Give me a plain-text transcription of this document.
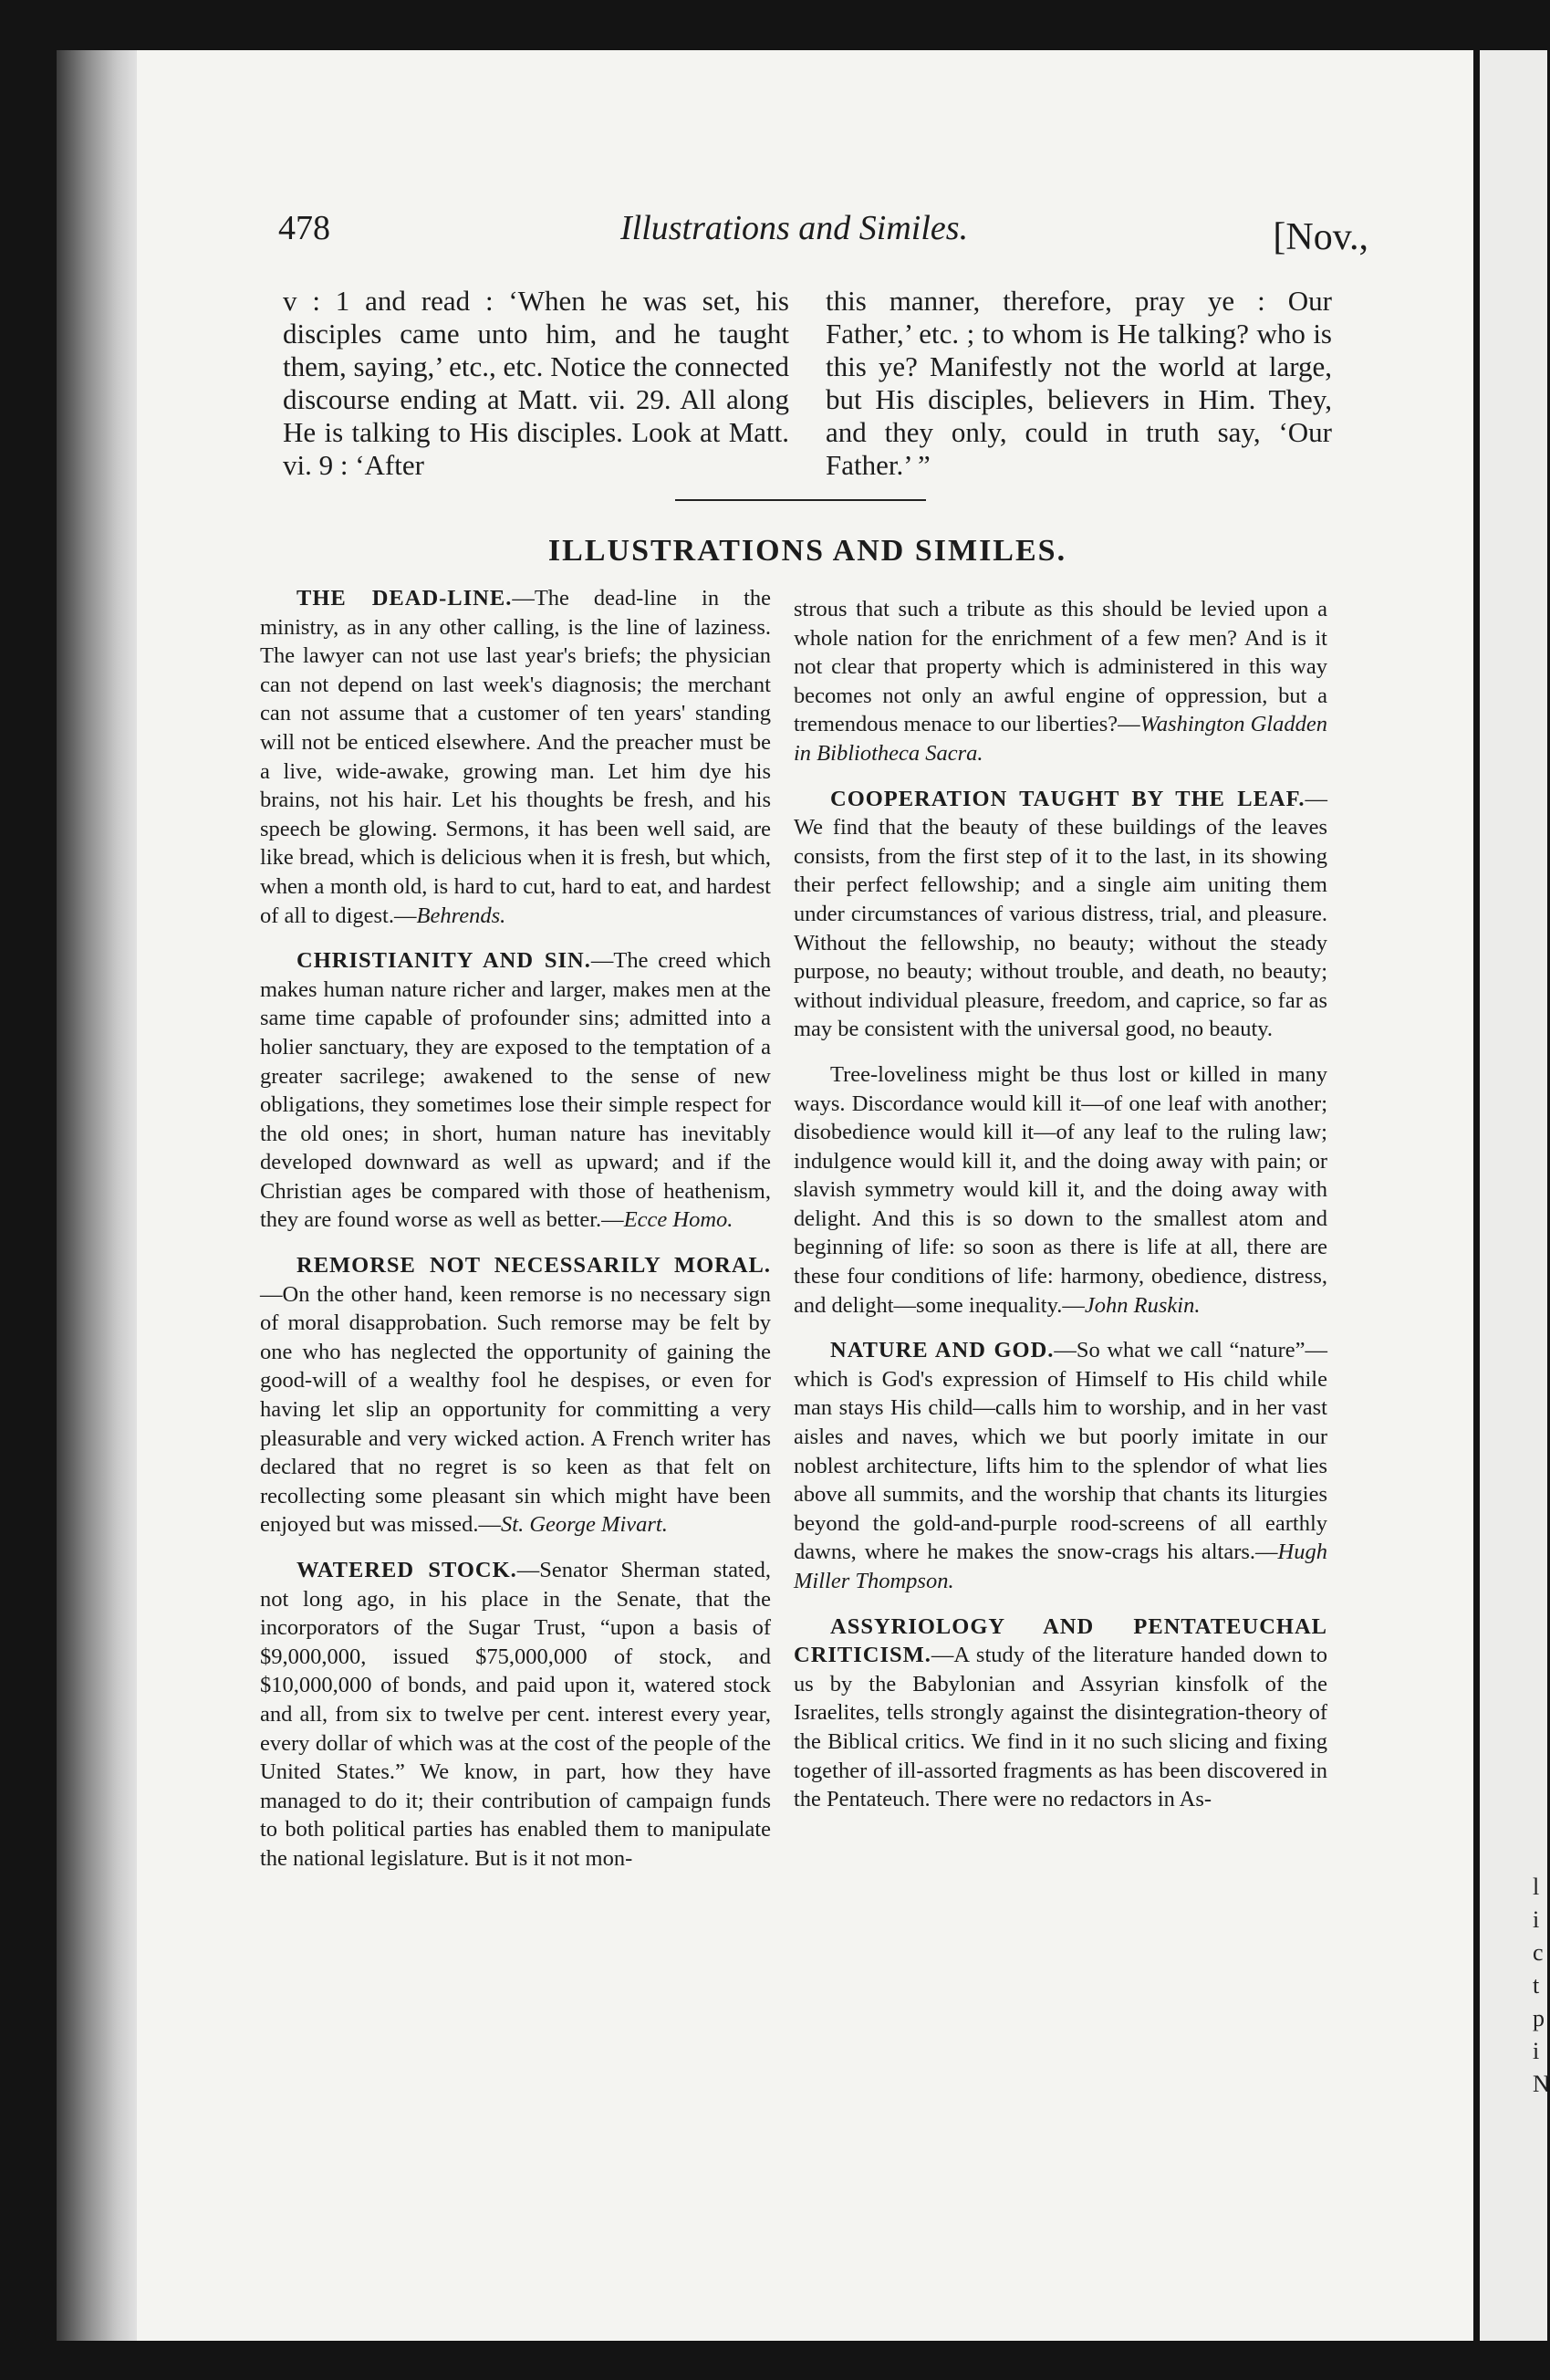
l
i
c
t
p
i
N
478	Illustrations and Similes.	[Nov.,
v : 1 and read : ‘When he was set, his disciples came unto him, and he taught them, saying,’ etc., etc. Notice the connected discourse ending at Matt. vii. 29. All along He is talking to His disciples. Look at Matt. vi. 9 : ‘After
this manner, therefore, pray ye : Our Father,’ etc. ; to whom is He talking? who is this ye? Manifestly not the world at large, but His disciples, believers in Him. They, and they only, could in truth say, ‘Our Father.’ ”
ILLUSTRATIONS AND SIMILES.

THE DEAD-LINE.—The dead-line in the ministry, as in any other calling, is the line of laziness. The lawyer can not use last year's briefs; the physician can not depend on last week's diagnosis; the merchant can not assume that a customer of ten years' standing will not be enticed elsewhere. And the preacher must be a live, wide-awake, growing man. Let him dye his brains, not his hair. Let his thoughts be fresh, and his speech be glowing. Sermons, it has been well said, are like bread, which is delicious when it is fresh, but which, when a month old, is hard to cut, hard to eat, and hardest of all to digest.—Behrends.

CHRISTIANITY AND SIN.—The creed which makes human nature richer and larger, makes men at the same time capable of profounder sins; admitted into a holier sanctuary, they are exposed to the temptation of a greater sacrilege; awakened to the sense of new obligations, they sometimes lose their simple respect for the old ones; in short, human nature has inevitably developed downward as well as upward; and if the Christian ages be compared with those of heathenism, they are found worse as well as better.—Ecce Homo.

REMORSE NOT NECESSARILY MORAL.—On the other hand, keen remorse is no necessary sign of moral disapprobation. Such remorse may be felt by one who has neglected the opportunity of gaining the good-will of a wealthy fool he despises, or even for having let slip an opportunity for committing a very pleasurable and very wicked action. A French writer has declared that no regret is so keen as that felt on recollecting some pleasant sin which might have been enjoyed but was missed.—St. George Mivart.

WATERED STOCK.—Senator Sherman stated, not long ago, in his place in the Senate, that the incorporators of the Sugar Trust, “upon a basis of $9,000,000, issued $75,000,000 of stock, and $10,000,000 of bonds, and paid upon it, watered stock and all, from six to twelve per cent. interest every year, every dollar of which was at the cost of the people of the United States.” We know, in part, how they have managed to do it; their contribution of campaign funds to both political parties has enabled them to manipulate the national legislature. But is it not mon-

strous that such a tribute as this should be levied upon a whole nation for the enrichment of a few men? And is it not clear that property which is administered in this way becomes not only an awful engine of oppression, but a tremendous menace to our liberties?—Washington Gladden in Bibliotheca Sacra.

COOPERATION TAUGHT BY THE LEAF.—We find that the beauty of these buildings of the leaves consists, from the first step of it to the last, in its showing their perfect fellowship; and a single aim uniting them under circumstances of various distress, trial, and pleasure. Without the fellowship, no beauty; without the steady purpose, no beauty; without trouble, and death, no beauty; without individual pleasure, freedom, and caprice, so far as may be consistent with the universal good, no beauty.

Tree-loveliness might be thus lost or killed in many ways. Discordance would kill it—of one leaf with another; disobedience would kill it—of any leaf to the ruling law; indulgence would kill it, and the doing away with pain; or slavish symmetry would kill it, and the doing away with delight. And this is so down to the smallest atom and beginning of life: so soon as there is life at all, there are these four conditions of life: harmony, obedience, distress, and delight—some inequality.—John Ruskin.

NATURE AND GOD.—So what we call “nature”—which is God's expression of Himself to His child while man stays His child—calls him to worship, and in her vast aisles and naves, which we but poorly imitate in our noblest architecture, lifts him to the splendor of what lies above all summits, and the worship that chants its liturgies beyond the gold-and-purple rood-screens of all earthly dawns, where he makes the snow-crags his altars.—Hugh Miller Thompson.

ASSYRIOLOGY AND PENTATEUCHAL CRITICISM.—A study of the literature handed down to us by the Babylonian and Assyrian kinsfolk of the Israelites, tells strongly against the disintegration-theory of the Biblical critics. We find in it no such slicing and fixing together of ill-assorted fragments as has been discovered in the Pentateuch. There were no redactors in As-
